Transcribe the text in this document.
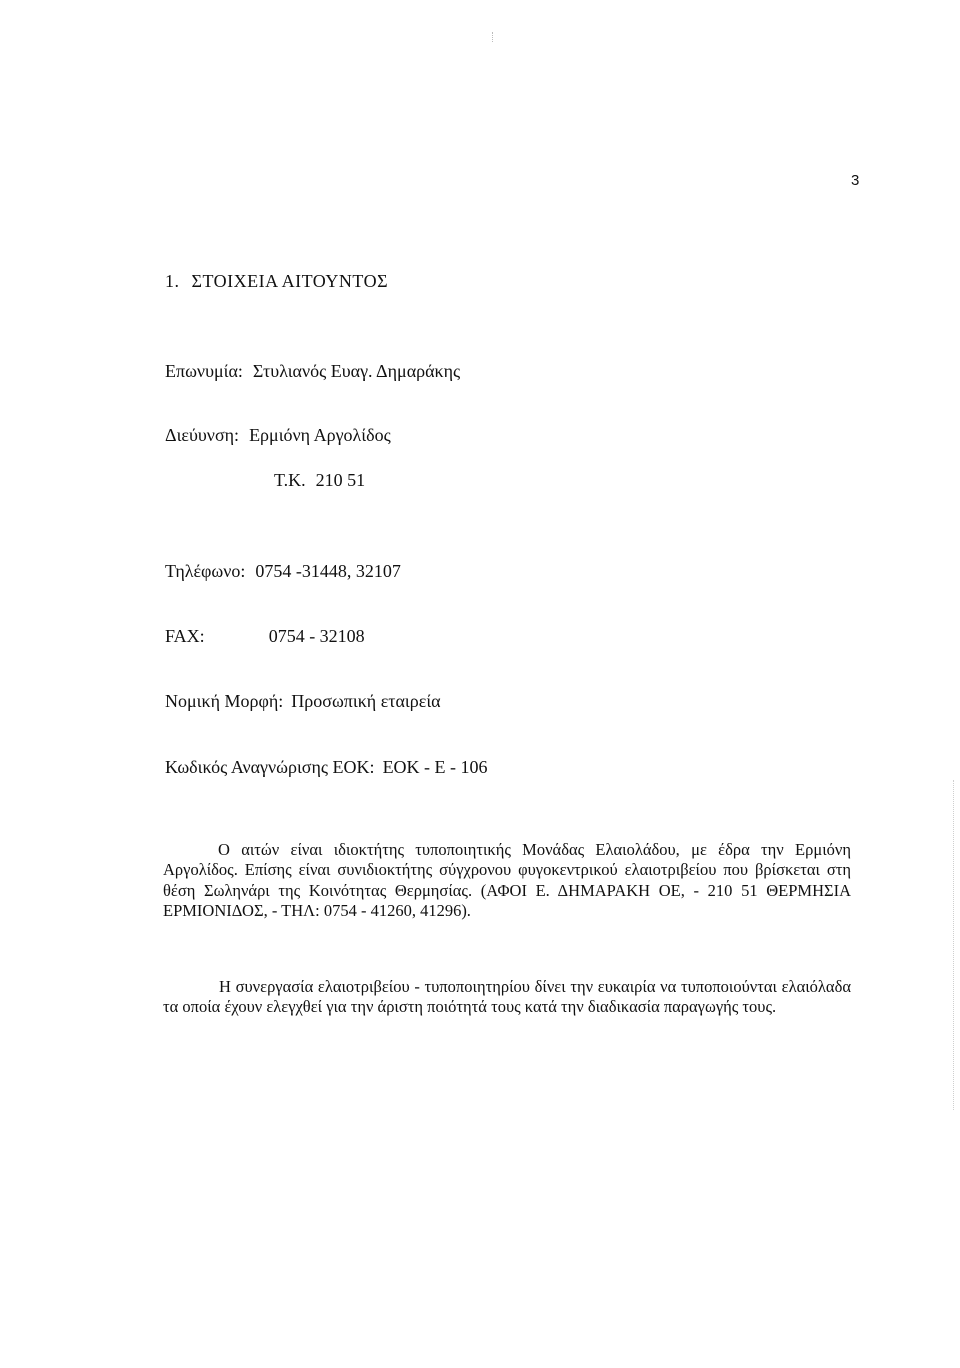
3
1. ΣΤΟΙΧΕΙΑ ΑΙΤΟΥΝΤΟΣ
Επωνυμία: Στυλιανός Ευαγ. Δημαράκης
Διεύυνση: Ερμιόνη Αργολίδος
Τ.Κ. 210 51
Τηλέφωνο: 0754 -31448, 32107
FAX:	0754 - 32108
Νομική Μορφή: Προσωπική εταιρεία
Κωδικός Αναγνώρισης ΕΟΚ: ΕΟΚ - Ε - 106

Ο αιτών είναι ιδιοκτήτης τυποποιητικής Μονάδας Ελαιολάδου, με έδρα την Ερμιόνη Αργολίδος. Επίσης είναι συνιδιοκτήτης σύγχρονου φυγοκεντρικού ελαιοτριβείου που βρίσκεται στη θέση Σωληνάρι της Κοινότητας Θερμησίας. (ΑΦΟΙ Ε. ΔΗΜΑΡΑΚΗ ΟΕ, - 210 51 ΘΕΡΜΗΣΙΑ ΕΡΜΙΟΝΙΔΟΣ, - ΤΗΛ: 0754 - 41260, 41296).

Η συνεργασία ελαιοτριβείου - τυποποιητηρίου δίνει την ευκαιρία να τυποποιούνται ελαιόλαδα τα οποία έχουν ελεγχθεί για την άριστη ποιότητά τους κατά την διαδικασία παραγωγής τους.
